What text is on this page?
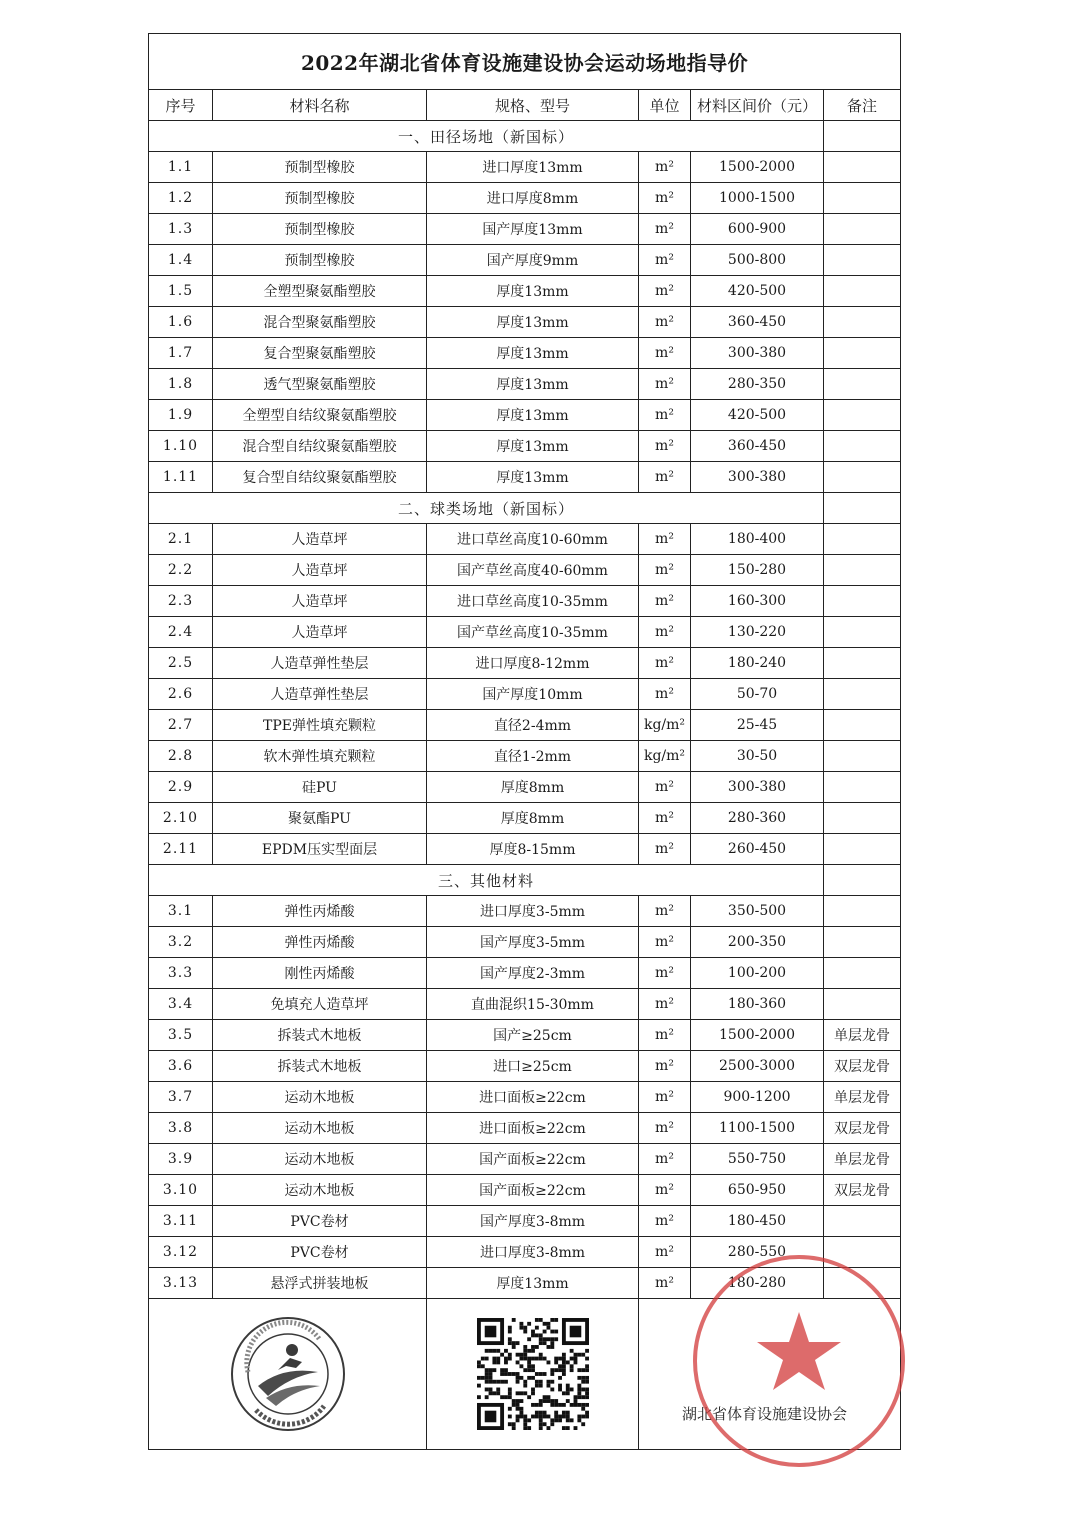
2022年湖北省体育设施建设协会运动场地指导价					
序号	材料名称	规格、型号	单位	材料区间价（元）	备注
一、田径场地（新国标）					
1.1	预制型橡胶	进口厚度13mm	m²	1500-2000	
1.2	预制型橡胶	进口厚度8mm	m²	1000-1500	
1.3	预制型橡胶	国产厚度13mm	m²	600-900	
1.4	预制型橡胶	国产厚度9mm	m²	500-800	
1.5	全塑型聚氨酯塑胶	厚度13mm	m²	420-500	
1.6	混合型聚氨酯塑胶	厚度13mm	m²	360-450	
1.7	复合型聚氨酯塑胶	厚度13mm	m²	300-380	
1.8	透气型聚氨酯塑胶	厚度13mm	m²	280-350	
1.9	全塑型自结纹聚氨酯塑胶	厚度13mm	m²	420-500	
1.10	混合型自结纹聚氨酯塑胶	厚度13mm	m²	360-450	
1.11	复合型自结纹聚氨酯塑胶	厚度13mm	m²	300-380	
二、球类场地（新国标）					
2.1	人造草坪	进口草丝高度10-60mm	m²	180-400	
2.2	人造草坪	国产草丝高度40-60mm	m²	150-280	
2.3	人造草坪	进口草丝高度10-35mm	m²	160-300	
2.4	人造草坪	国产草丝高度10-35mm	m²	130-220	
2.5	人造草弹性垫层	进口厚度8-12mm	m²	180-240	
2.6	人造草弹性垫层	国产厚度10mm	m²	50-70	
2.7	TPE弹性填充颗粒	直径2-4mm	kg/m²	25-45	
2.8	软木弹性填充颗粒	直径1-2mm	kg/m²	30-50	
2.9	硅PU	厚度8mm	m²	300-380	
2.10	聚氨酯PU	厚度8mm	m²	280-360	
2.11	EPDM压实型面层	厚度8-15mm	m²	260-450	
三、其他材料					
3.1	弹性丙烯酸	进口厚度3-5mm	m²	350-500	
3.2	弹性丙烯酸	国产厚度3-5mm	m²	200-350	
3.3	刚性丙烯酸	国产厚度2-3mm	m²	100-200	
3.4	免填充人造草坪	直曲混织15-30mm	m²	180-360	
3.5	拆装式木地板	国产≥25cm	m²	1500-2000	单层龙骨
3.6	拆装式木地板	进口≥25cm	m²	2500-3000	双层龙骨
3.7	运动木地板	进口面板≥22cm	m²	900-1200	单层龙骨
3.8	运动木地板	进口面板≥22cm	m²	1100-1500	双层龙骨
3.9	运动木地板	国产面板≥22cm	m²	550-750	单层龙骨
3.10	运动木地板	国产面板≥22cm	m²	650-950	双层龙骨
3.11	PVC卷材	国产厚度3-8mm	m²	180-450	
3.12	PVC卷材	进口厚度3-8mm	m²	280-550	
3.13	悬浮式拼装地板	厚度13mm	m²	180-280	

湖北省体育设施建设协会
